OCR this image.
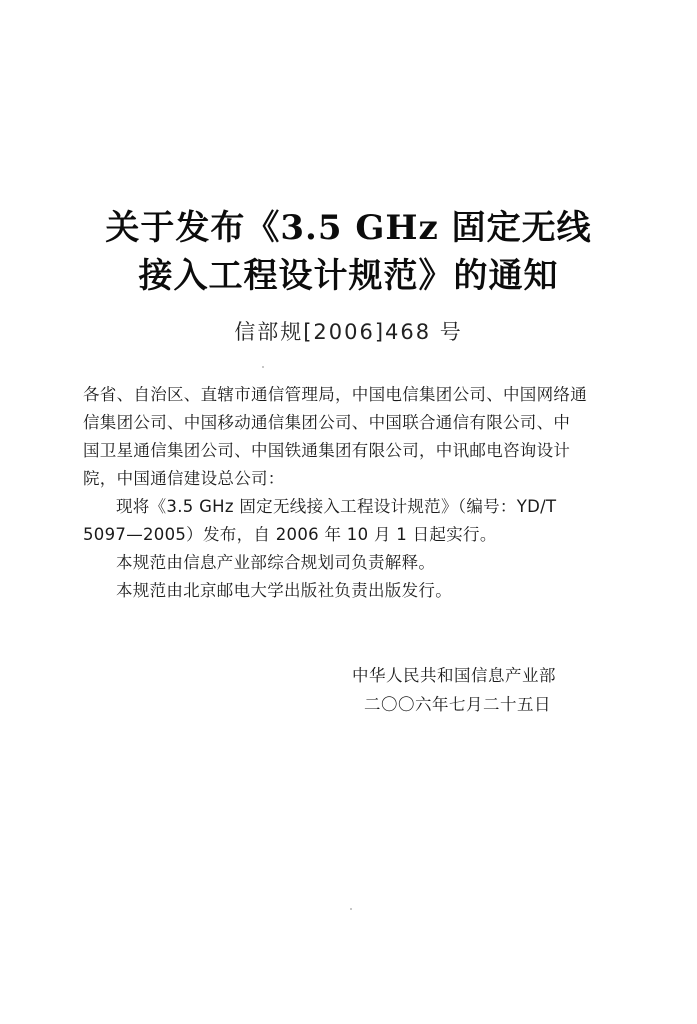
关于发布《3.5 GHz 固定无线
接入工程设计规范》的通知
信部规[2006]468 号
各省、自治区、直辖市通信管理局，中国电信集团公司、中国网络通
信集团公司、中国移动通信集团公司、中国联合通信有限公司、中
国卫星通信集团公司、中国铁通集团有限公司，中讯邮电咨询设计
院，中国通信建设总公司：
现将《3.5 GHz 固定无线接入工程设计规范》（编号：YD/T
5097—2005）发布，自 2006 年 10 月 1 日起实行。
本规范由信息产业部综合规划司负责解释。
本规范由北京邮电大学出版社负责出版发行。
中华人民共和国信息产业部
二〇〇六年七月二十五日
